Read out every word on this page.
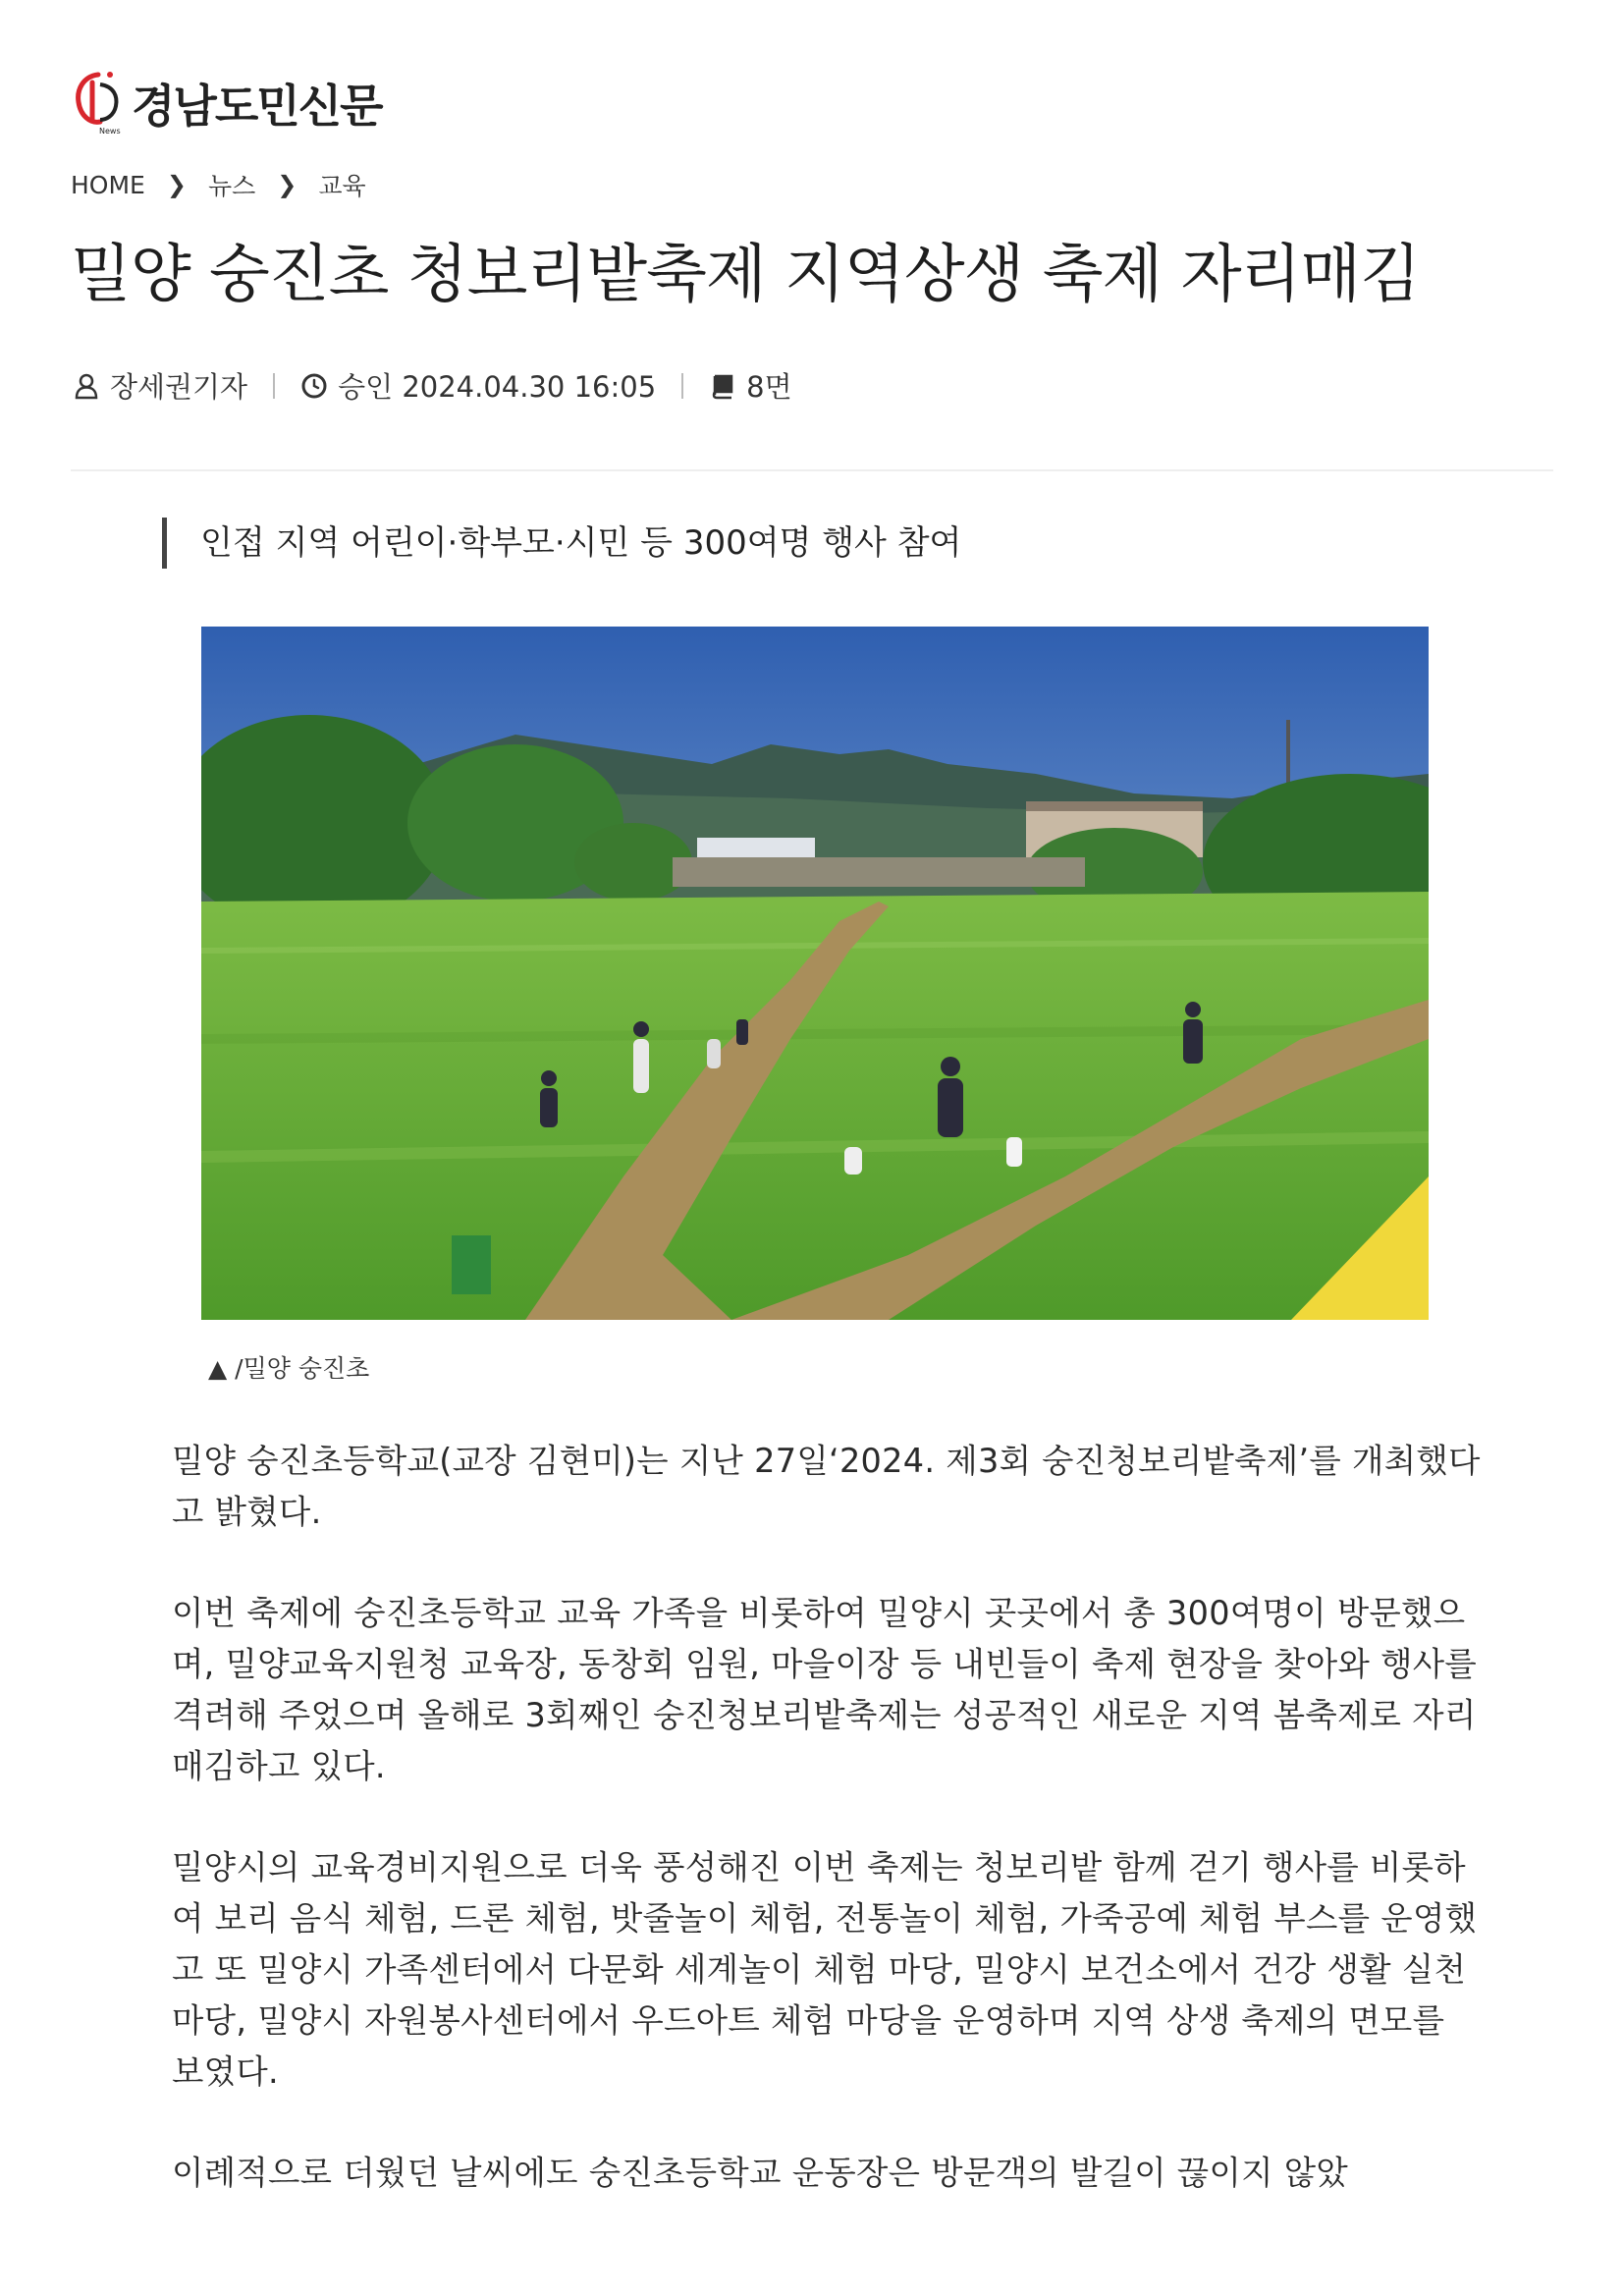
News 경남도민신문
HOME ❯ 뉴스 ❯ 교육
밀양 숭진초 청보리밭축제 지역상생 축제 자리매김
장세권기자	승인 2024.04.30 16:05	8면
인접 지역 어린이·학부모·시민 등 300여명 행사 참여
▲ /밀양 숭진초

밀양 숭진초등학교(교장 김현미)는 지난 27일‘2024. 제3회 숭진청보리밭축제’를 개최했다고 밝혔다.

이번 축제에 숭진초등학교 교육 가족을 비롯하여 밀양시 곳곳에서 총 300여명이 방문했으며, 밀양교육지원청 교육장, 동창회 임원, 마을이장 등 내빈들이 축제 현장을 찾아와 행사를 격려해 주었으며 올해로 3회째인 숭진청보리밭축제는 성공적인 새로운 지역 봄축제로 자리 매김하고 있다.

밀양시의 교육경비지원으로 더욱 풍성해진 이번 축제는 청보리밭 함께 걷기 행사를 비롯하여 보리 음식 체험, 드론 체험, 밧줄놀이 체험, 전통놀이 체험, 가죽공예 체험 부스를 운영했고 또 밀양시 가족센터에서 다문화 세계놀이 체험 마당, 밀양시 보건소에서 건강 생활 실천마당, 밀양시 자원봉사센터에서 우드아트 체험 마당을 운영하며 지역 상생 축제의 면모를 보였다.

이례적으로 더웠던 날씨에도 숭진초등학교 운동장은 방문객의 발길이 끊이지 않았
